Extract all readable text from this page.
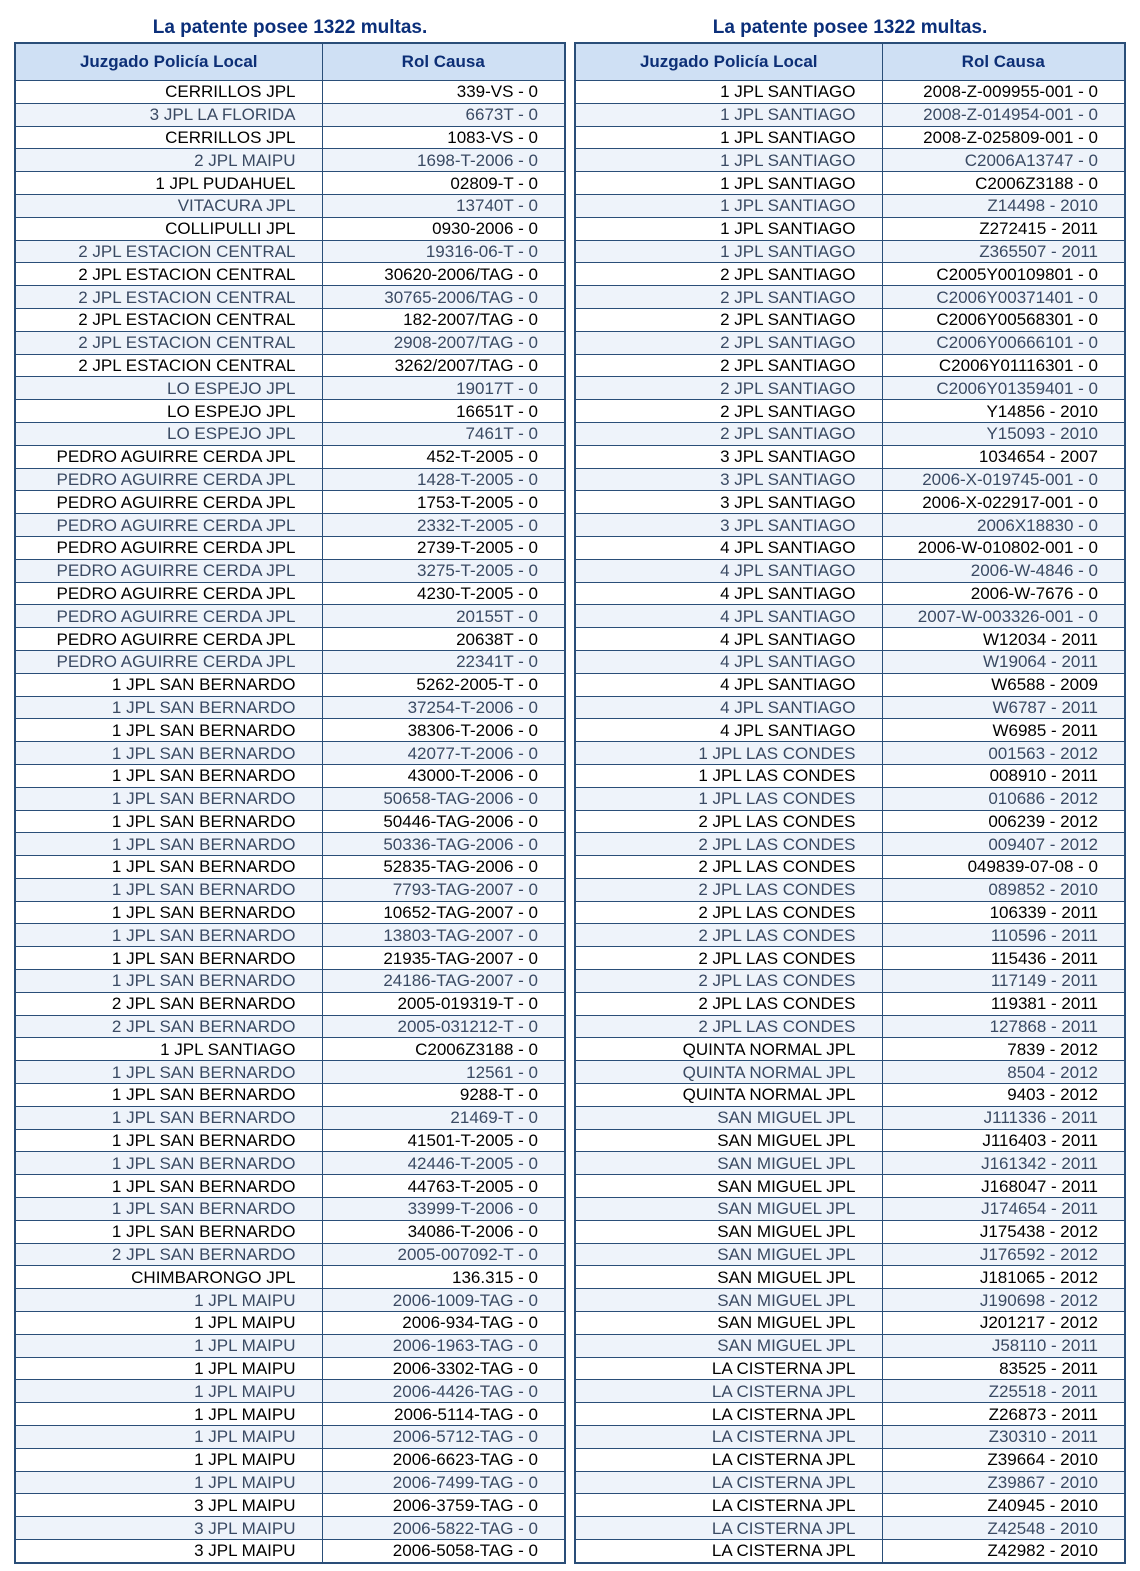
La patente posee 1322 multas.
Juzgado Policía Local	Rol Causa
CERRILLOS JPL	339-VS - 0
3 JPL LA FLORIDA	6673T - 0
CERRILLOS JPL	1083-VS - 0
2 JPL MAIPU	1698-T-2006 - 0
1 JPL PUDAHUEL	02809-T - 0
VITACURA JPL	13740T - 0
COLLIPULLI JPL	0930-2006 - 0
2 JPL ESTACION CENTRAL	19316-06-T - 0
2 JPL ESTACION CENTRAL	30620-2006/TAG - 0
2 JPL ESTACION CENTRAL	30765-2006/TAG - 0
2 JPL ESTACION CENTRAL	182-2007/TAG - 0
2 JPL ESTACION CENTRAL	2908-2007/TAG - 0
2 JPL ESTACION CENTRAL	3262/2007/TAG - 0
LO ESPEJO JPL	19017T - 0
LO ESPEJO JPL	16651T - 0
LO ESPEJO JPL	7461T - 0
PEDRO AGUIRRE CERDA JPL	452-T-2005 - 0
PEDRO AGUIRRE CERDA JPL	1428-T-2005 - 0
PEDRO AGUIRRE CERDA JPL	1753-T-2005 - 0
PEDRO AGUIRRE CERDA JPL	2332-T-2005 - 0
PEDRO AGUIRRE CERDA JPL	2739-T-2005 - 0
PEDRO AGUIRRE CERDA JPL	3275-T-2005 - 0
PEDRO AGUIRRE CERDA JPL	4230-T-2005 - 0
PEDRO AGUIRRE CERDA JPL	20155T - 0
PEDRO AGUIRRE CERDA JPL	20638T - 0
PEDRO AGUIRRE CERDA JPL	22341T - 0
1 JPL SAN BERNARDO	5262-2005-T - 0
1 JPL SAN BERNARDO	37254-T-2006 - 0
1 JPL SAN BERNARDO	38306-T-2006 - 0
1 JPL SAN BERNARDO	42077-T-2006 - 0
1 JPL SAN BERNARDO	43000-T-2006 - 0
1 JPL SAN BERNARDO	50658-TAG-2006 - 0
1 JPL SAN BERNARDO	50446-TAG-2006 - 0
1 JPL SAN BERNARDO	50336-TAG-2006 - 0
1 JPL SAN BERNARDO	52835-TAG-2006 - 0
1 JPL SAN BERNARDO	7793-TAG-2007 - 0
1 JPL SAN BERNARDO	10652-TAG-2007 - 0
1 JPL SAN BERNARDO	13803-TAG-2007 - 0
1 JPL SAN BERNARDO	21935-TAG-2007 - 0
1 JPL SAN BERNARDO	24186-TAG-2007 - 0
2 JPL SAN BERNARDO	2005-019319-T - 0
2 JPL SAN BERNARDO	2005-031212-T - 0
1 JPL SANTIAGO	C2006Z3188 - 0
1 JPL SAN BERNARDO	12561 - 0
1 JPL SAN BERNARDO	9288-T - 0
1 JPL SAN BERNARDO	21469-T - 0
1 JPL SAN BERNARDO	41501-T-2005 - 0
1 JPL SAN BERNARDO	42446-T-2005 - 0
1 JPL SAN BERNARDO	44763-T-2005 - 0
1 JPL SAN BERNARDO	33999-T-2006 - 0
1 JPL SAN BERNARDO	34086-T-2006 - 0
2 JPL SAN BERNARDO	2005-007092-T - 0
CHIMBARONGO JPL	136.315 - 0
1 JPL MAIPU	2006-1009-TAG - 0
1 JPL MAIPU	2006-934-TAG - 0
1 JPL MAIPU	2006-1963-TAG - 0
1 JPL MAIPU	2006-3302-TAG - 0
1 JPL MAIPU	2006-4426-TAG - 0
1 JPL MAIPU	2006-5114-TAG - 0
1 JPL MAIPU	2006-5712-TAG - 0
1 JPL MAIPU	2006-6623-TAG - 0
1 JPL MAIPU	2006-7499-TAG - 0
3 JPL MAIPU	2006-3759-TAG - 0
3 JPL MAIPU	2006-5822-TAG - 0
3 JPL MAIPU	2006-5058-TAG - 0
La patente posee 1322 multas.
Juzgado Policía Local	Rol Causa
1 JPL SANTIAGO	2008-Z-009955-001 - 0
1 JPL SANTIAGO	2008-Z-014954-001 - 0
1 JPL SANTIAGO	2008-Z-025809-001 - 0
1 JPL SANTIAGO	C2006A13747 - 0
1 JPL SANTIAGO	C2006Z3188 - 0
1 JPL SANTIAGO	Z14498 - 2010
1 JPL SANTIAGO	Z272415 - 2011
1 JPL SANTIAGO	Z365507 - 2011
2 JPL SANTIAGO	C2005Y00109801 - 0
2 JPL SANTIAGO	C2006Y00371401 - 0
2 JPL SANTIAGO	C2006Y00568301 - 0
2 JPL SANTIAGO	C2006Y00666101 - 0
2 JPL SANTIAGO	C2006Y01116301 - 0
2 JPL SANTIAGO	C2006Y01359401 - 0
2 JPL SANTIAGO	Y14856 - 2010
2 JPL SANTIAGO	Y15093 - 2010
3 JPL SANTIAGO	1034654 - 2007
3 JPL SANTIAGO	2006-X-019745-001 - 0
3 JPL SANTIAGO	2006-X-022917-001 - 0
3 JPL SANTIAGO	2006X18830 - 0
4 JPL SANTIAGO	2006-W-010802-001 - 0
4 JPL SANTIAGO	2006-W-4846 - 0
4 JPL SANTIAGO	2006-W-7676 - 0
4 JPL SANTIAGO	2007-W-003326-001 - 0
4 JPL SANTIAGO	W12034 - 2011
4 JPL SANTIAGO	W19064 - 2011
4 JPL SANTIAGO	W6588 - 2009
4 JPL SANTIAGO	W6787 - 2011
4 JPL SANTIAGO	W6985 - 2011
1 JPL LAS CONDES	001563 - 2012
1 JPL LAS CONDES	008910 - 2011
1 JPL LAS CONDES	010686 - 2012
2 JPL LAS CONDES	006239 - 2012
2 JPL LAS CONDES	009407 - 2012
2 JPL LAS CONDES	049839-07-08 - 0
2 JPL LAS CONDES	089852 - 2010
2 JPL LAS CONDES	106339 - 2011
2 JPL LAS CONDES	110596 - 2011
2 JPL LAS CONDES	115436 - 2011
2 JPL LAS CONDES	117149 - 2011
2 JPL LAS CONDES	119381 - 2011
2 JPL LAS CONDES	127868 - 2011
QUINTA NORMAL JPL	7839 - 2012
QUINTA NORMAL JPL	8504 - 2012
QUINTA NORMAL JPL	9403 - 2012
SAN MIGUEL JPL	J111336 - 2011
SAN MIGUEL JPL	J116403 - 2011
SAN MIGUEL JPL	J161342 - 2011
SAN MIGUEL JPL	J168047 - 2011
SAN MIGUEL JPL	J174654 - 2011
SAN MIGUEL JPL	J175438 - 2012
SAN MIGUEL JPL	J176592 - 2012
SAN MIGUEL JPL	J181065 - 2012
SAN MIGUEL JPL	J190698 - 2012
SAN MIGUEL JPL	J201217 - 2012
SAN MIGUEL JPL	J58110 - 2011
LA CISTERNA JPL	83525 - 2011
LA CISTERNA JPL	Z25518 - 2011
LA CISTERNA JPL	Z26873 - 2011
LA CISTERNA JPL	Z30310 - 2011
LA CISTERNA JPL	Z39664 - 2010
LA CISTERNA JPL	Z39867 - 2010
LA CISTERNA JPL	Z40945 - 2010
LA CISTERNA JPL	Z42548 - 2010
LA CISTERNA JPL	Z42982 - 2010
